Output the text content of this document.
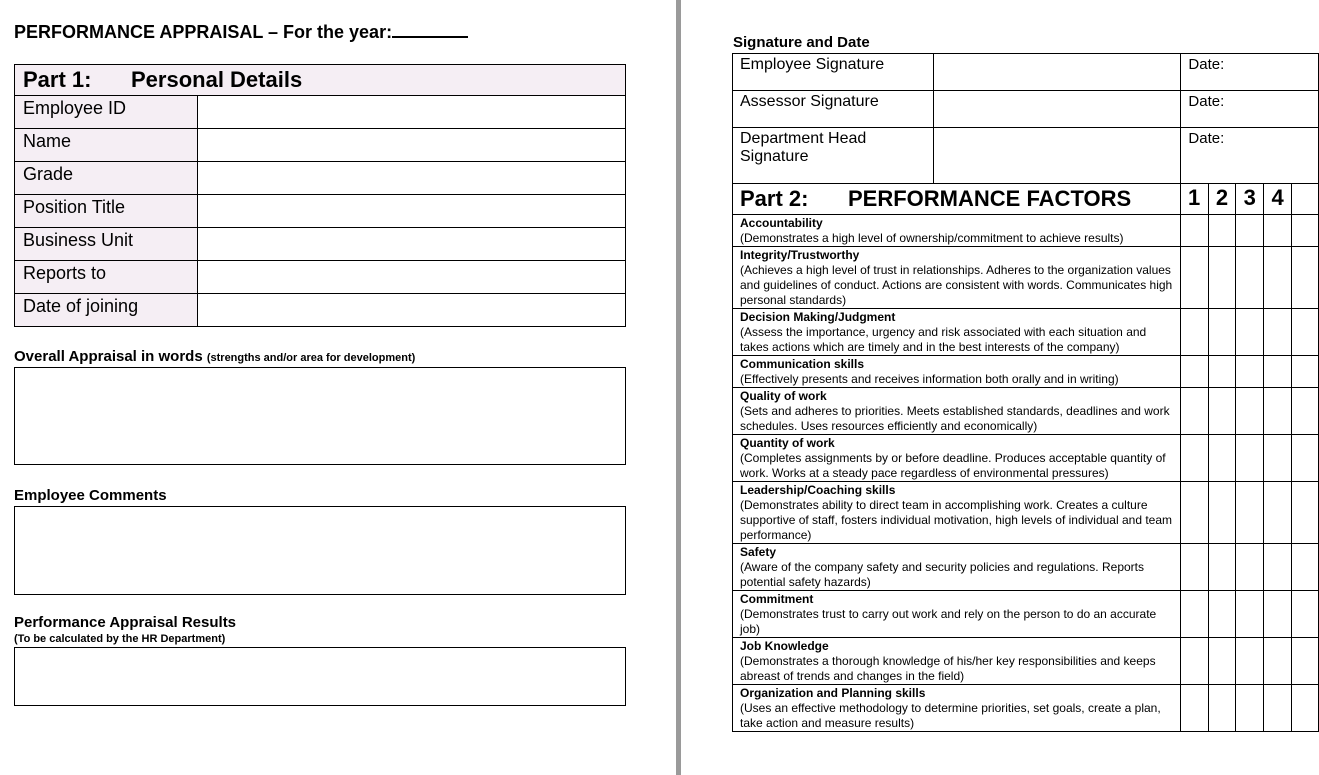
PERFORMANCE APPRAISAL – For the year:
Part 1: Personal Details	
Employee ID	
Name	
Grade	
Position Title	
Business Unit	
Reports to	
Date of joining	
Overall Appraisal in words (strengths and/or area for development)
Employee Comments
Performance Appraisal Results
(To be calculated by the HR Department)
Signature and Date
Employee Signature		Date:
Assessor Signature		Date:
Department Head Signature		Date:
Part 2: PERFORMANCE FACTORS	1	2	3	4	

Accountability
(Demonstrates a high level of ownership/commitment to achieve results)					

Integrity/Trustworthy
(Achieves a high level of trust in relationships. Adheres to the organization values and guidelines of conduct. Actions are consistent with words. Communicates high personal standards)					

Decision Making/Judgment
(Assess the importance, urgency and risk associated with each situation and takes actions which are timely and in the best interests of the company)					

Communication skills
(Effectively presents and receives information both orally and in writing)					

Quality of work
(Sets and adheres to priorities. Meets established standards, deadlines and work schedules. Uses resources efficiently and economically)					

Quantity of work
(Completes assignments by or before deadline. Produces acceptable quantity of work. Works at a steady pace regardless of environmental pressures)					

Leadership/Coaching skills
(Demonstrates ability to direct team in accomplishing work. Creates a culture supportive of staff, fosters individual motivation, high levels of individual and team performance)					

Safety
(Aware of the company safety and security policies and regulations. Reports potential safety hazards)					

Commitment
(Demonstrates trust to carry out work and rely on the person to do an accurate job)					

Job Knowledge
(Demonstrates a thorough knowledge of his/her key responsibilities and keeps abreast of trends and changes in the field)					

Organization and Planning skills
(Uses an effective methodology to determine priorities, set goals, create a plan, take action and measure results)					
